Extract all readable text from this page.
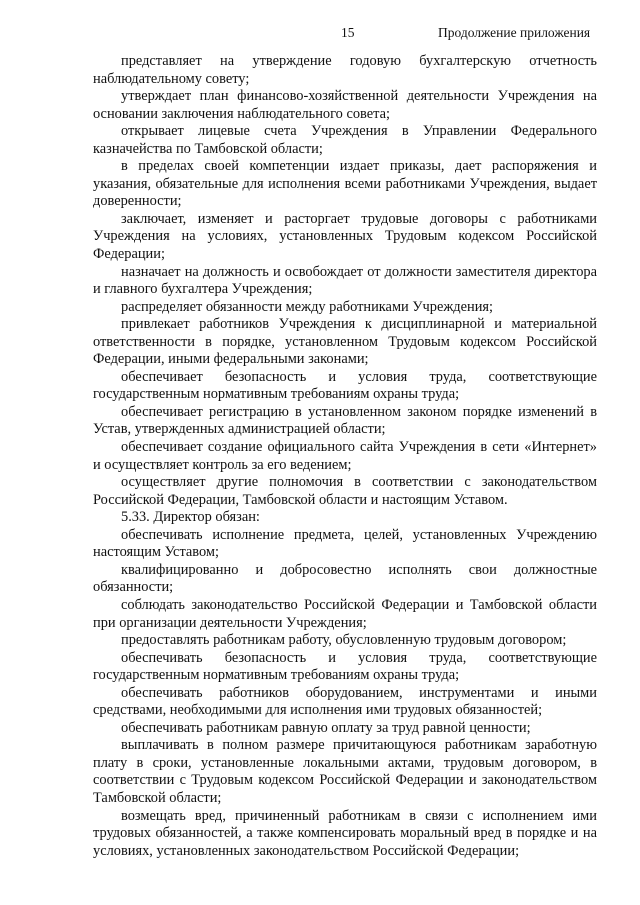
15	Продолжение приложения

представляет на утверждение годовую бухгалтерскую отчетность наблюдательному совету;

утверждает план финансово-хозяйственной деятельности Учреждения на основании заключения наблюдательного совета;

открывает лицевые счета Учреждения в Управлении Федерального казначейства по Тамбовской области;

в пределах своей компетенции издает приказы, дает распоряжения и указания, обязательные для исполнения всеми работниками Учреждения, выдает доверенности;

заключает, изменяет и расторгает трудовые договоры с работниками Учреждения на условиях, установленных Трудовым кодексом Российской Федерации;

назначает на должность и освобождает от должности заместителя директора и главного бухгалтера Учреждения;

распределяет обязанности между работниками Учреждения;

привлекает работников Учреждения к дисциплинарной и материальной ответственности в порядке, установленном Трудовым кодексом Российской Федерации, иными федеральными законами;

обеспечивает безопасность и условия труда, соответствующие государственным нормативным требованиям охраны труда;

обеспечивает регистрацию в установленном законом порядке изменений в Устав, утвержденных администрацией области;

обеспечивает создание официального сайта Учреждения в сети «Интернет» и осуществляет контроль за его ведением;

осуществляет другие полномочия в соответствии с законодательством Российской Федерации, Тамбовской области и настоящим Уставом.

5.33. Директор обязан:

обеспечивать исполнение предмета, целей, установленных Учреждению настоящим Уставом;

квалифицированно и добросовестно исполнять свои должностные обязанности;

соблюдать законодательство Российской Федерации и Тамбовской области при организации деятельности Учреждения;

предоставлять работникам работу, обусловленную трудовым договором;

обеспечивать безопасность и условия труда, соответствующие государственным нормативным требованиям охраны труда;

обеспечивать работников оборудованием, инструментами и иными средствами, необходимыми для исполнения ими трудовых обязанностей;

обеспечивать работникам равную оплату за труд равной ценности;

выплачивать в полном размере причитающуюся работникам заработную плату в сроки, установленные локальными актами, трудовым договором, в соответствии с Трудовым кодексом Российской Федерации и законодательством Тамбовской области;

возмещать вред, причиненный работникам в связи с исполнением ими трудовых обязанностей, а также компенсировать моральный вред в порядке и на условиях, установленных законодательством Российской Федерации;
